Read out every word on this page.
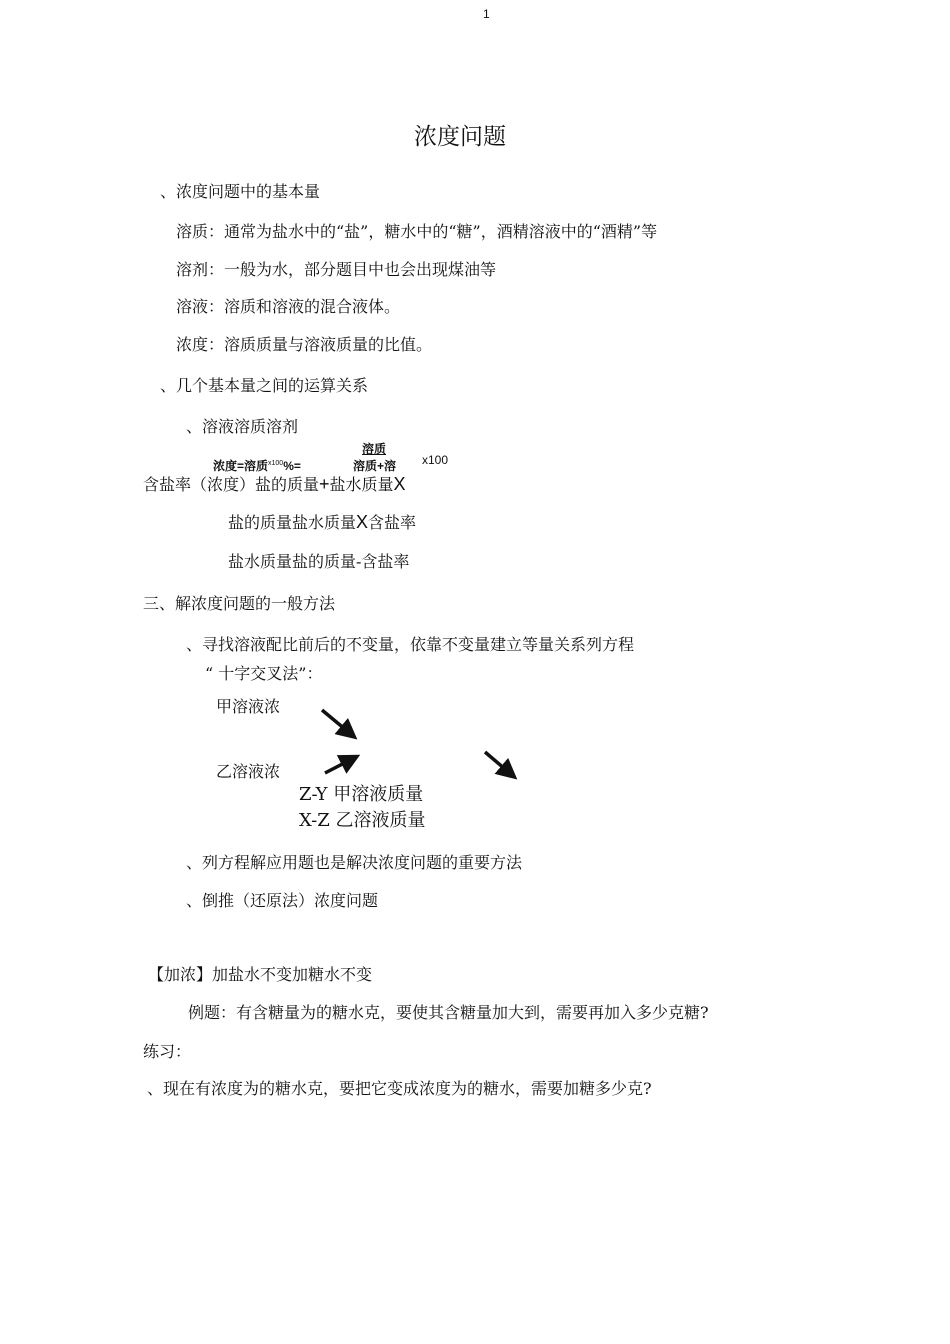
1
浓度问题
、浓度问题中的基本量
溶质：通常为盐水中的“盐”，糖水中的“糖”，酒精溶液中的“酒精”等
溶剂：一般为水，部分题目中也会出现煤油等
溶液：溶质和溶液的混合液体。
浓度：溶质质量与溶液质量的比值。
、几个基本量之间的运算关系
、溶液溶质溶剂
溶质
浓度=溶质$^{x100}$%=	溶质+溶 x100
含盐率（浓度）盐的质量+盐水质量X
盐的质量盐水质量X含盐率
盐水质量盐的质量-含盐率
三、解浓度问题的一般方法
、寻找溶液配比前后的不变量，依靠不变量建立等量关系列方程
“ 十字交叉法”：
甲溶液浓
乙溶液浓
Z-Y 甲溶液质量
X-Z 乙溶液质量
、列方程解应用题也是解决浓度问题的重要方法
、倒推（还原法）浓度问题
【加浓】加盐水不变加糖水不变
例题：有含糖量为的糖水克，要使其含糖量加大到，需要再加入多少克糖?
练习：
、现在有浓度为的糖水克，要把它变成浓度为的糖水，需要加糖多少克?
